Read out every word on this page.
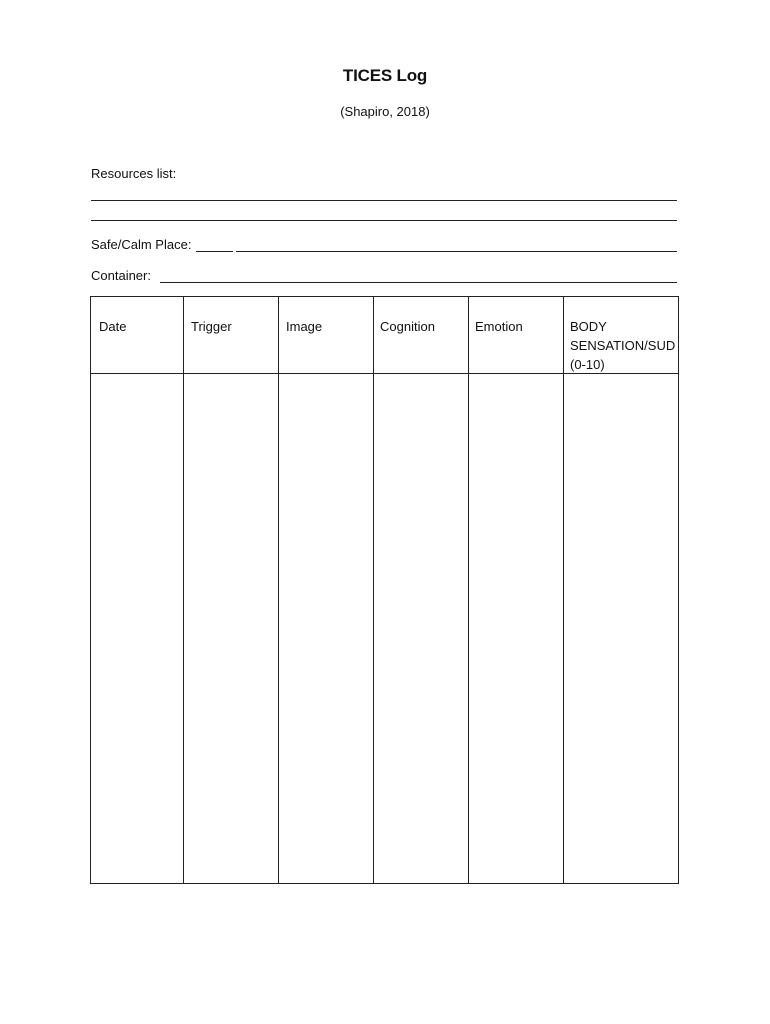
TICES Log
(Shapiro, 2018)
Resources list:
Safe/Calm Place:
Container:
Date	Trigger	Image	Cognition	Emotion	BODY
SENSATION/SUD
(0-10)
